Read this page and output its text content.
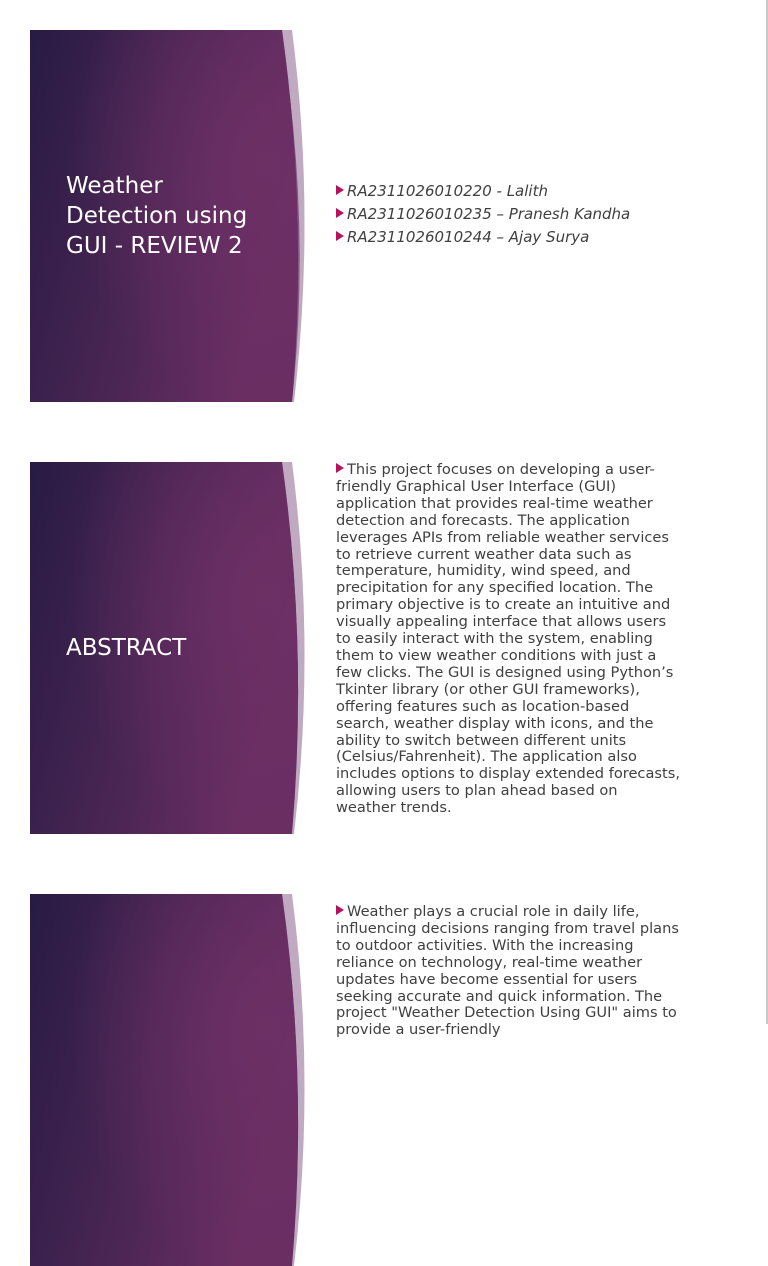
Weather Detection using GUI - REVIEW 2
RA2311026010220 - Lalith
RA2311026010235 – Pranesh Kandha
RA2311026010244 – Ajay Surya
ABSTRACT
This project focuses on developing a user-friendly Graphical User Interface (GUI) application that provides real-time weather detection and forecasts. The application leverages APIs from reliable weather services to retrieve current weather data such as temperature, humidity, wind speed, and precipitation for any specified location. The primary objective is to create an intuitive and visually appealing interface that allows users to easily interact with the system, enabling them to view weather conditions with just a few clicks. The GUI is designed using Python’s Tkinter library (or other GUI frameworks), offering features such as location-based search, weather display with icons, and the ability to switch between different units (Celsius/Fahrenheit). The application also includes options to display extended forecasts, allowing users to plan ahead based on weather trends.
Weather plays a crucial role in daily life, influencing decisions ranging from travel plans to outdoor activities. With the increasing reliance on technology, real-time weather updates have become essential for users seeking accurate and quick information. The project "Weather Detection Using GUI" aims to provide a user-friendly
